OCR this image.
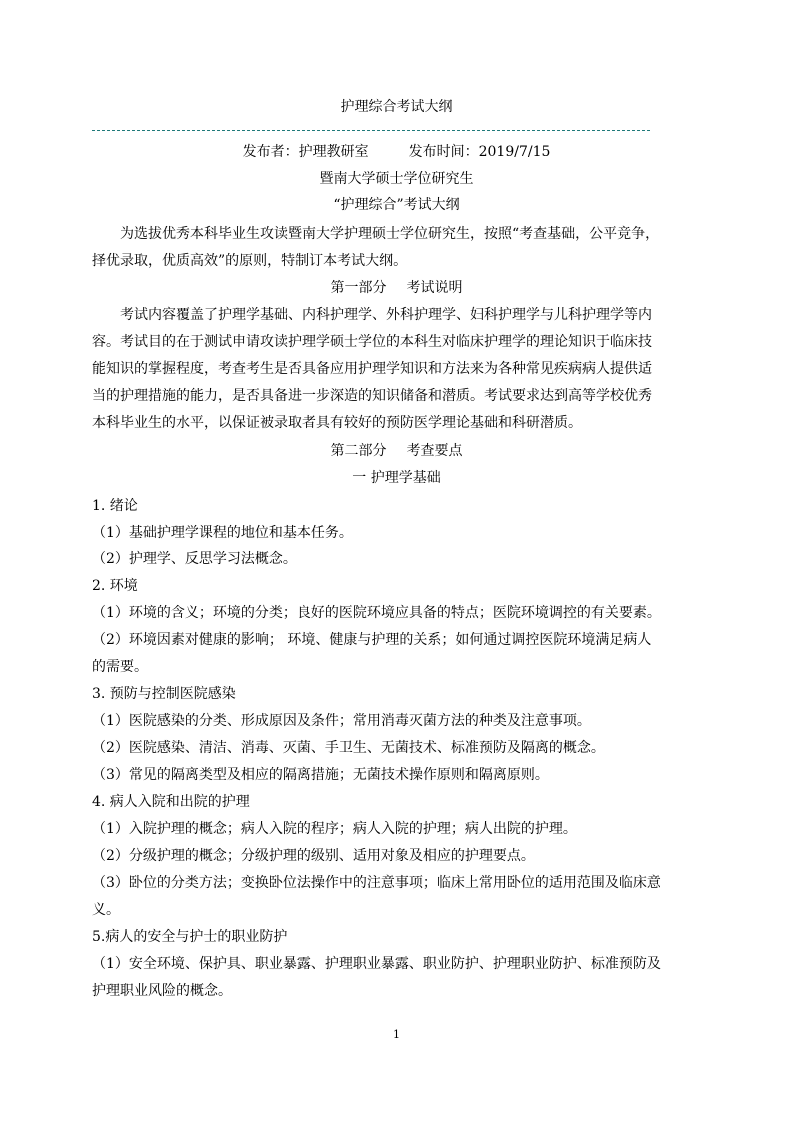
护理综合考试大纲
发布者：护理教研室	发布时间：2019/7/15
暨南大学硕士学位研究生
“护理综合”考试大纲
为选拔优秀本科毕业生攻读暨南大学护理硕士学位研究生，按照“考查基础，公平竞争，
择优录取，优质高效”的原则，特制订本考试大纲。
第一部分 考试说明
考试内容覆盖了护理学基础、内科护理学、外科护理学、妇科护理学与儿科护理学等内
容。考试目的在于测试申请攻读护理学硕士学位的本科生对临床护理学的理论知识于临床技
能知识的掌握程度，考查考生是否具备应用护理学知识和方法来为各种常见疾病病人提供适
当的护理措施的能力，是否具备进一步深造的知识储备和潜质。考试要求达到高等学校优秀
本科毕业生的水平，以保证被录取者具有较好的预防医学理论基础和科研潜质。
第二部分 考查要点
一 护理学基础
1. 绪论
（1）基础护理学课程的地位和基本任务。
（2）护理学、反思学习法概念。
2. 环境
（1）环境的含义；环境的分类；良好的医院环境应具备的特点；医院环境调控的有关要素。
（2）环境因素对健康的影响； 环境、健康与护理的关系；如何通过调控医院环境满足病人
的需要。
3. 预防与控制医院感染
（1）医院感染的分类、形成原因及条件；常用消毒灭菌方法的种类及注意事项。
（2）医院感染、清洁、消毒、灭菌、手卫生、无菌技术、标准预防及隔离的概念。
（3）常见的隔离类型及相应的隔离措施；无菌技术操作原则和隔离原则。
4. 病人入院和出院的护理
（1）入院护理的概念；病人入院的程序；病人入院的护理；病人出院的护理。
（2）分级护理的概念；分级护理的级别、适用对象及相应的护理要点。
（3）卧位的分类方法；变换卧位法操作中的注意事项；临床上常用卧位的适用范围及临床意
义。
5.病人的安全与护士的职业防护
（1）安全环境、保护具、职业暴露、护理职业暴露、职业防护、护理职业防护、标准预防及
护理职业风险的概念。
1
